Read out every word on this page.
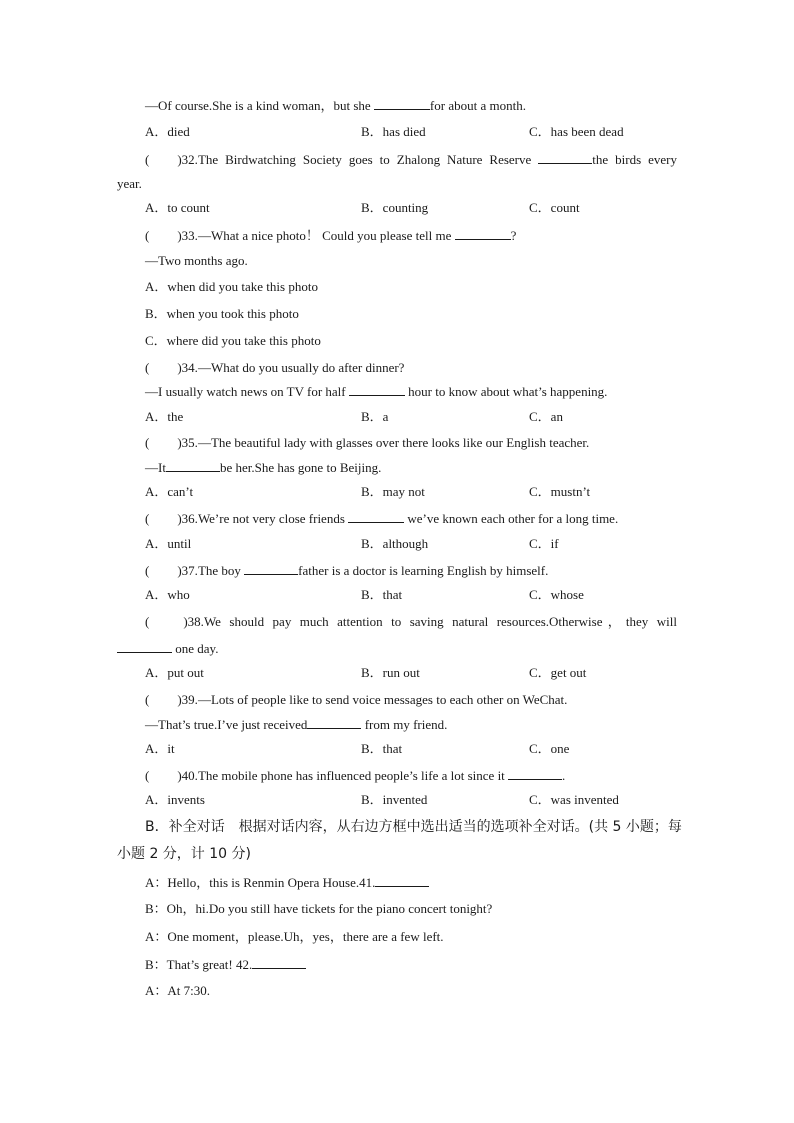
—Of course.She is a kind woman，but she	for about a month.
A．died	B．has died	C．has been dead
( )32.The Birdwatching Society goes to Zhalong Nature Reserve	the birds every
year.
A．to count	B．counting	C．count
( )33.—What a nice photo！ Could you please tell me	?
—Two months ago.
A．when did you take this photo
B．when you took this photo
C．where did you take this photo
( )34.—What do you usually do after dinner?
—I usually watch news on TV for half	hour to know about what’s happening.
A．the	B．a	C．an
( )35.—The beautiful lady with glasses over there looks like our English teacher.
—It	be her.She has gone to Beijing.
A．can’t	B．may not	C．mustn’t
( )36.We’re not very close friends	we’ve known each other for a long time.
A．until	B．although	C．if
( )37.The boy	father is a doctor is learning English by himself.
A．who	B．that	C．whose
(	)38.We should pay much attention to saving natural resources.Otherwise，they will
one day.
A．put out	B．run out	C．get out
( )39.—Lots of people like to send voice messages to each other on WeChat.
—That’s true.I’ve just received	from my friend.
A．it	B．that	C．one
( )40.The mobile phone has influenced people’s life a lot since it	.
A．invents	B．invented	C．was invented
B．补全对话　根据对话内容，从右边方框中选出适当的选项补全对话。(共 5 小题；每
小题 2 分，计 10 分)
A：Hello，this is Renmin Opera House.41.
B：Oh，hi.Do you still have tickets for the piano concert tonight?
A：One moment，please.Uh，yes，there are a few left.
B：That’s great! 42.
A：At 7:30.
